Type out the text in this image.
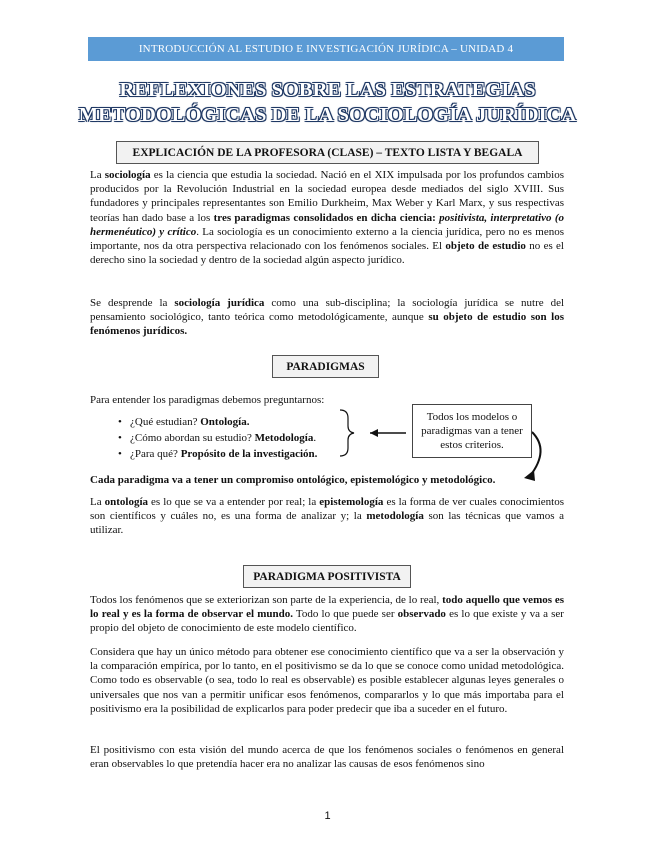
INTRODUCCIÓN AL ESTUDIO E INVESTIGACIÓN JURÍDICA – UNIDAD 4
REFLEXIONES SOBRE LAS ESTRATEGIAS
METODOLÓGICAS DE LA SOCIOLOGÍA JURÍDICA
EXPLICACIÓN DE LA PROFESORA (CLASE) – TEXTO LISTA Y BEGALA

La sociología es la ciencia que estudia la sociedad. Nació en el XIX impulsada por los profundos cambios producidos por la Revolución Industrial en la sociedad europea desde mediados del siglo XVIII. Sus fundadores y principales representantes son Emilio Durkheim, Max Weber y Karl Marx, y sus respectivas teorías han dado base a los tres paradigmas consolidados en dicha ciencia: positivista, interpretativo (o hermenéutico) y crítico. La sociología es un conocimiento externo a la ciencia jurídica, pero no es menos importante, nos da otra perspectiva relacionado con los fenómenos sociales. El objeto de estudio no es el derecho sino la sociedad y dentro de la sociedad algún aspecto jurídico.

Se desprende la sociología jurídica como una sub-disciplina; la sociología jurídica se nutre del pensamiento sociológico, tanto teórica como metodológicamente, aunque su objeto de estudio son los fenómenos jurídicos.

PARADIGMAS

Para entender los paradigmas debemos preguntarnos:

• ¿Qué estudian? Ontología.
• ¿Cómo abordan su estudio? Metodología.
• ¿Para qué? Propósito de la investigación.
Todos los modelos o paradigmas van a tener estos criterios.

Cada paradigma va a tener un compromiso ontológico, epistemológico y metodológico.

La ontología es lo que se va a entender por real; la epistemología es la forma de ver cuales conocimientos son científicos y cuáles no, es una forma de analizar y; la metodología son las técnicas que vamos a utilizar.

PARADIGMA POSITIVISTA

Todos los fenómenos que se exteriorizan son parte de la experiencia, de lo real, todo aquello que vemos es lo real y es la forma de observar el mundo. Todo lo que puede ser observado es lo que existe y va a ser propio del objeto de conocimiento de este modelo científico.

Considera que hay un único método para obtener ese conocimiento científico que va a ser la observación y la comparación empírica, por lo tanto, en el positivismo se da lo que se conoce como unidad metodológica. Como todo es observable (o sea, todo lo real es observable) es posible establecer algunas leyes generales o universales que nos van a permitir unificar esos fenómenos, compararlos y lo que más importaba para el positivismo era la posibilidad de explicarlos para poder predecir que iba a suceder en el futuro.

El positivismo con esta visión del mundo acerca de que los fenómenos sociales o fenómenos en general eran observables lo que pretendía hacer era no analizar las causas de esos fenómenos sino

1
